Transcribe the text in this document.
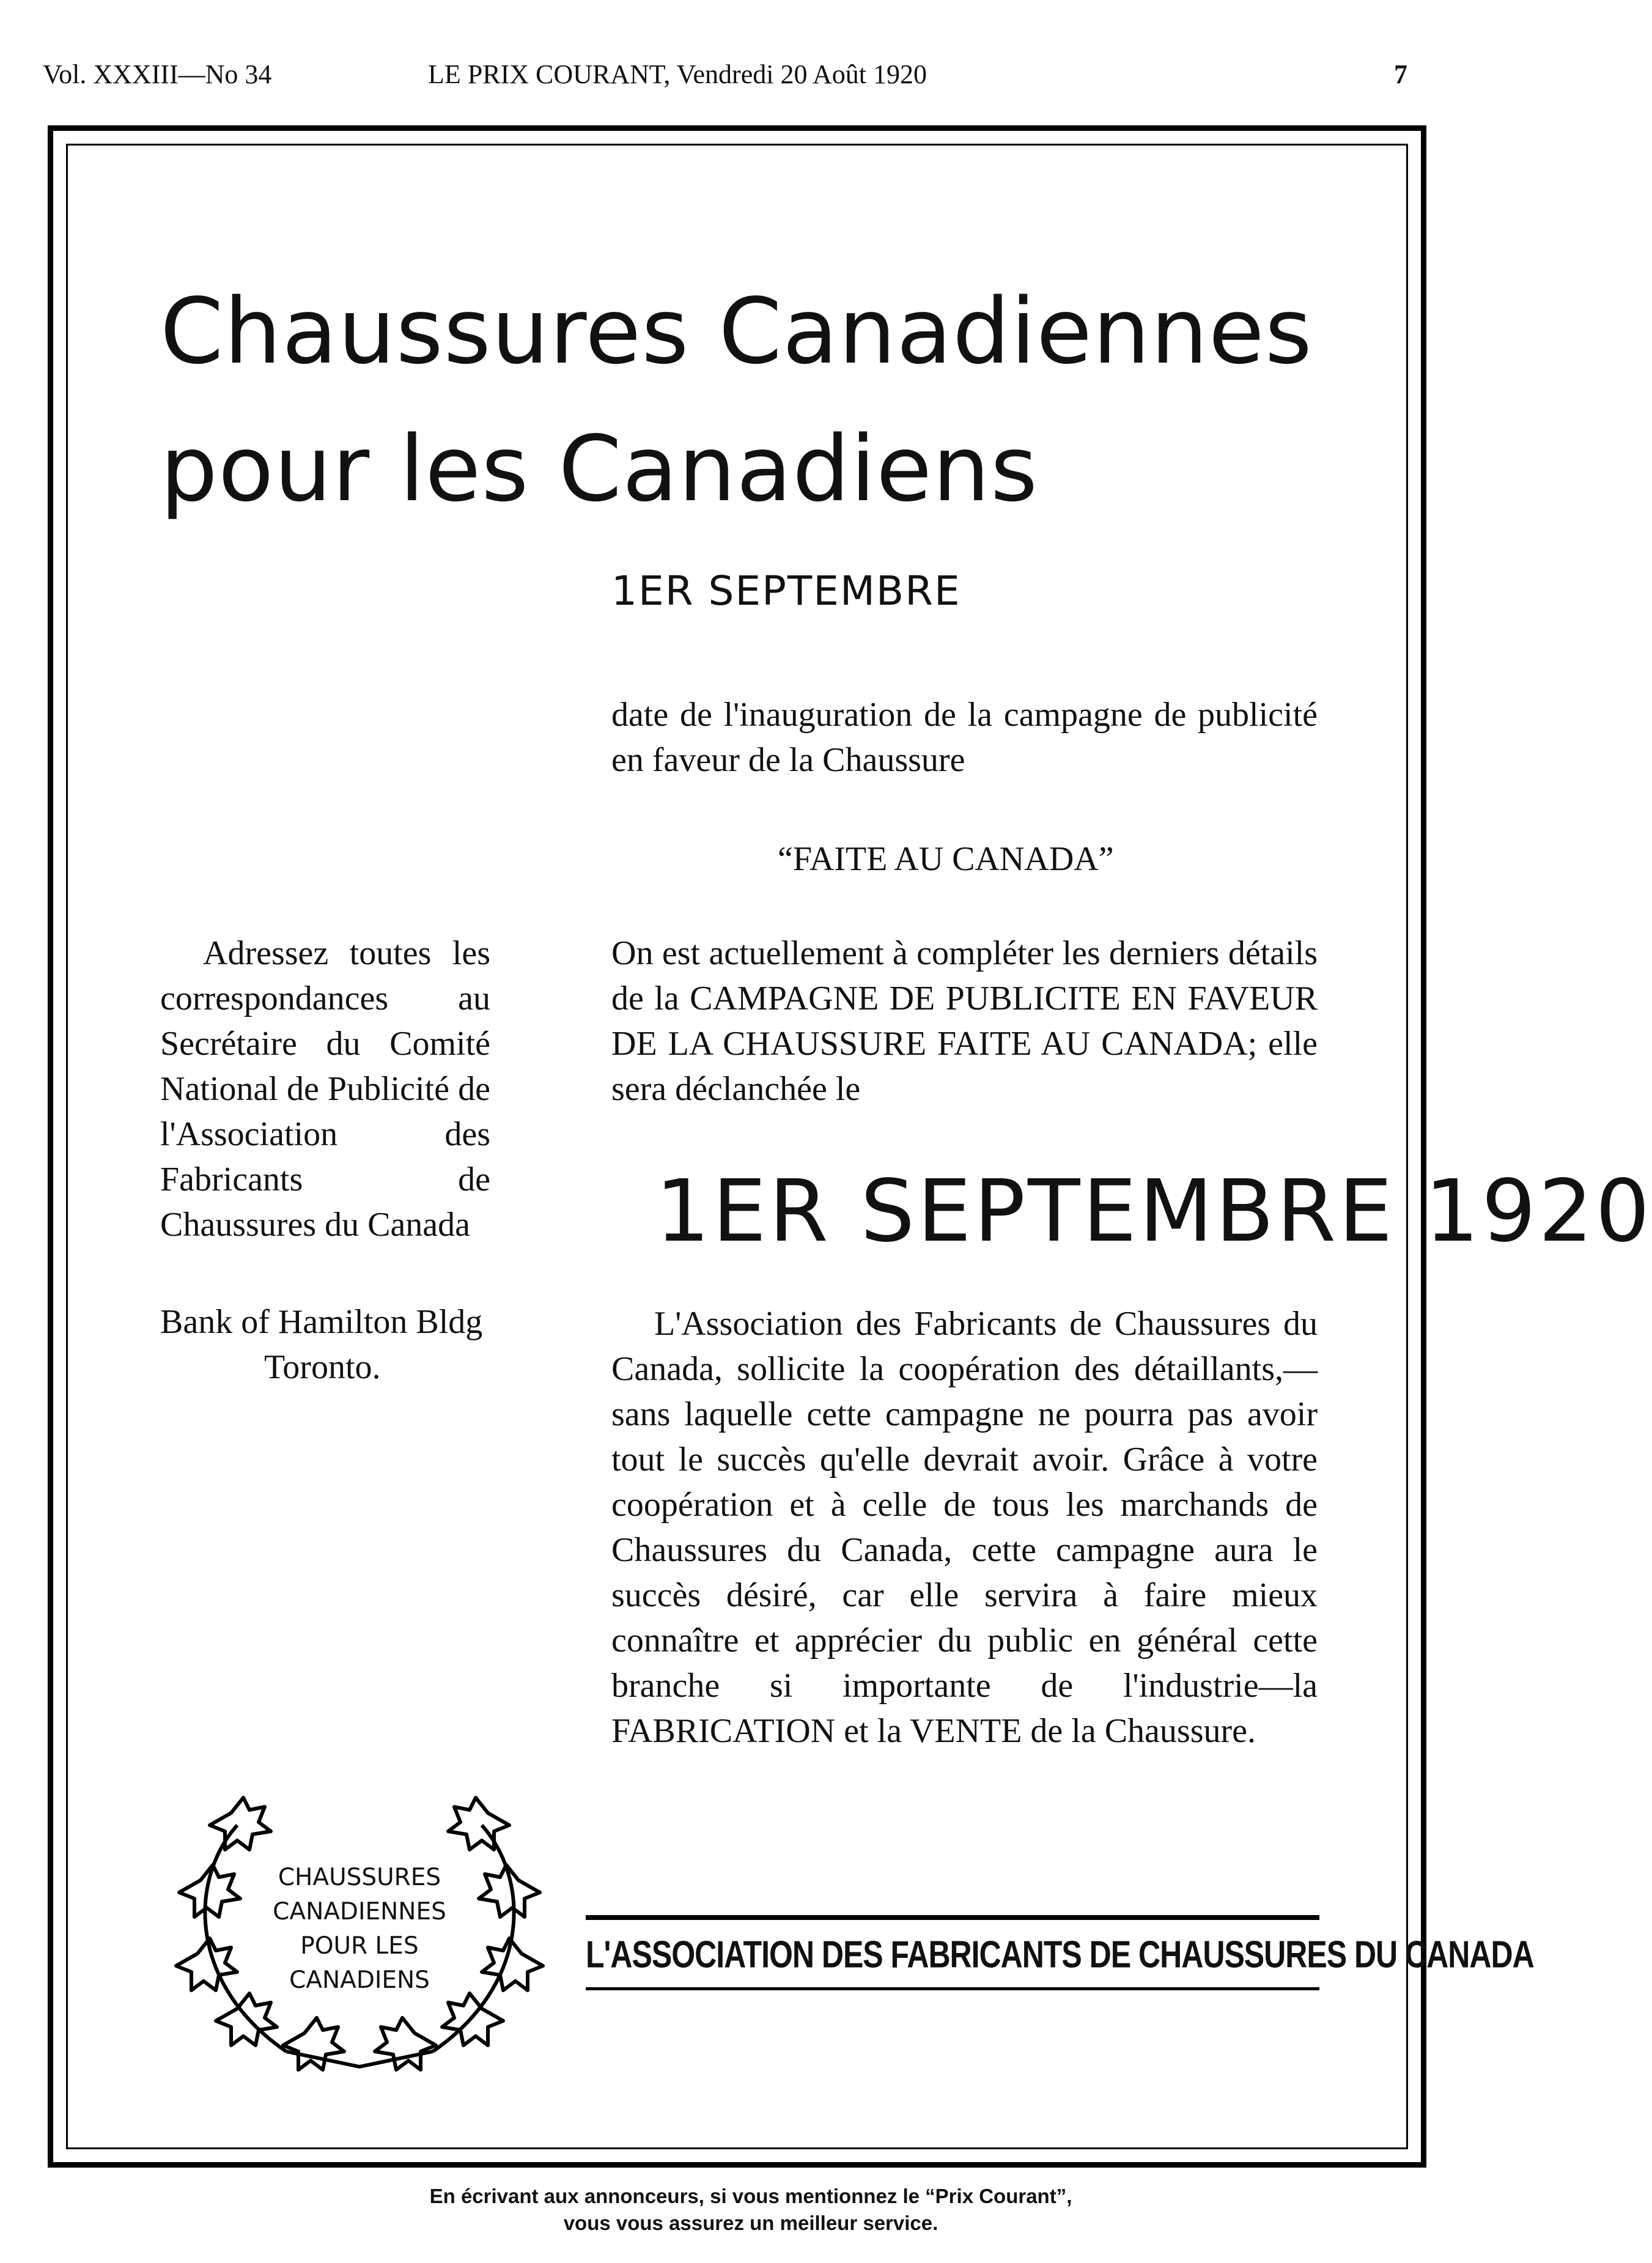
Vol. XXXIII—No 34	LE PRIX COURANT, Vendredi 20 Août 1920	7
Chaussures Canadiennes
pour les Canadiens
1ER SEPTEMBRE
date de l'inauguration de la campagne de publicité en faveur de la Chaussure
“FAITE AU CANADA”
On est actuellement à compléter les derniers détails de la CAMPAGNE DE PUBLICITE EN FAVEUR DE LA CHAUSSURE FAITE AU CANADA; elle sera déclanchée le
1ER SEPTEMBRE 1920
L'Association des Fabricants de Chaussures du Canada, sollicite la coopération des détaillants,— sans laquelle cette campagne ne pourra pas avoir tout le succès qu'elle devrait avoir. Grâce à votre coopération et à celle de tous les marchands de Chaussures du Canada, cette campagne aura le succès désiré, car elle servira à faire mieux connaître et apprécier du public en général cette branche si importante de l'industrie—la FABRICATION et la VENTE de la Chaussure.
Adressez toutes les correspondances au Secrétaire du Comité National de Publicité de l'Association des Fabricants de Chaussures du Canada
Bank of Hamilton Bldg
Toronto.
CHAUSSURES
CANADIENNES
POUR LES
CANADIENS
L'ASSOCIATION DES FABRICANTS DE CHAUSSURES DU CANADA
En écrivant aux annonceurs, si vous mentionnez le “Prix Courant”,
vous vous assurez un meilleur service.
